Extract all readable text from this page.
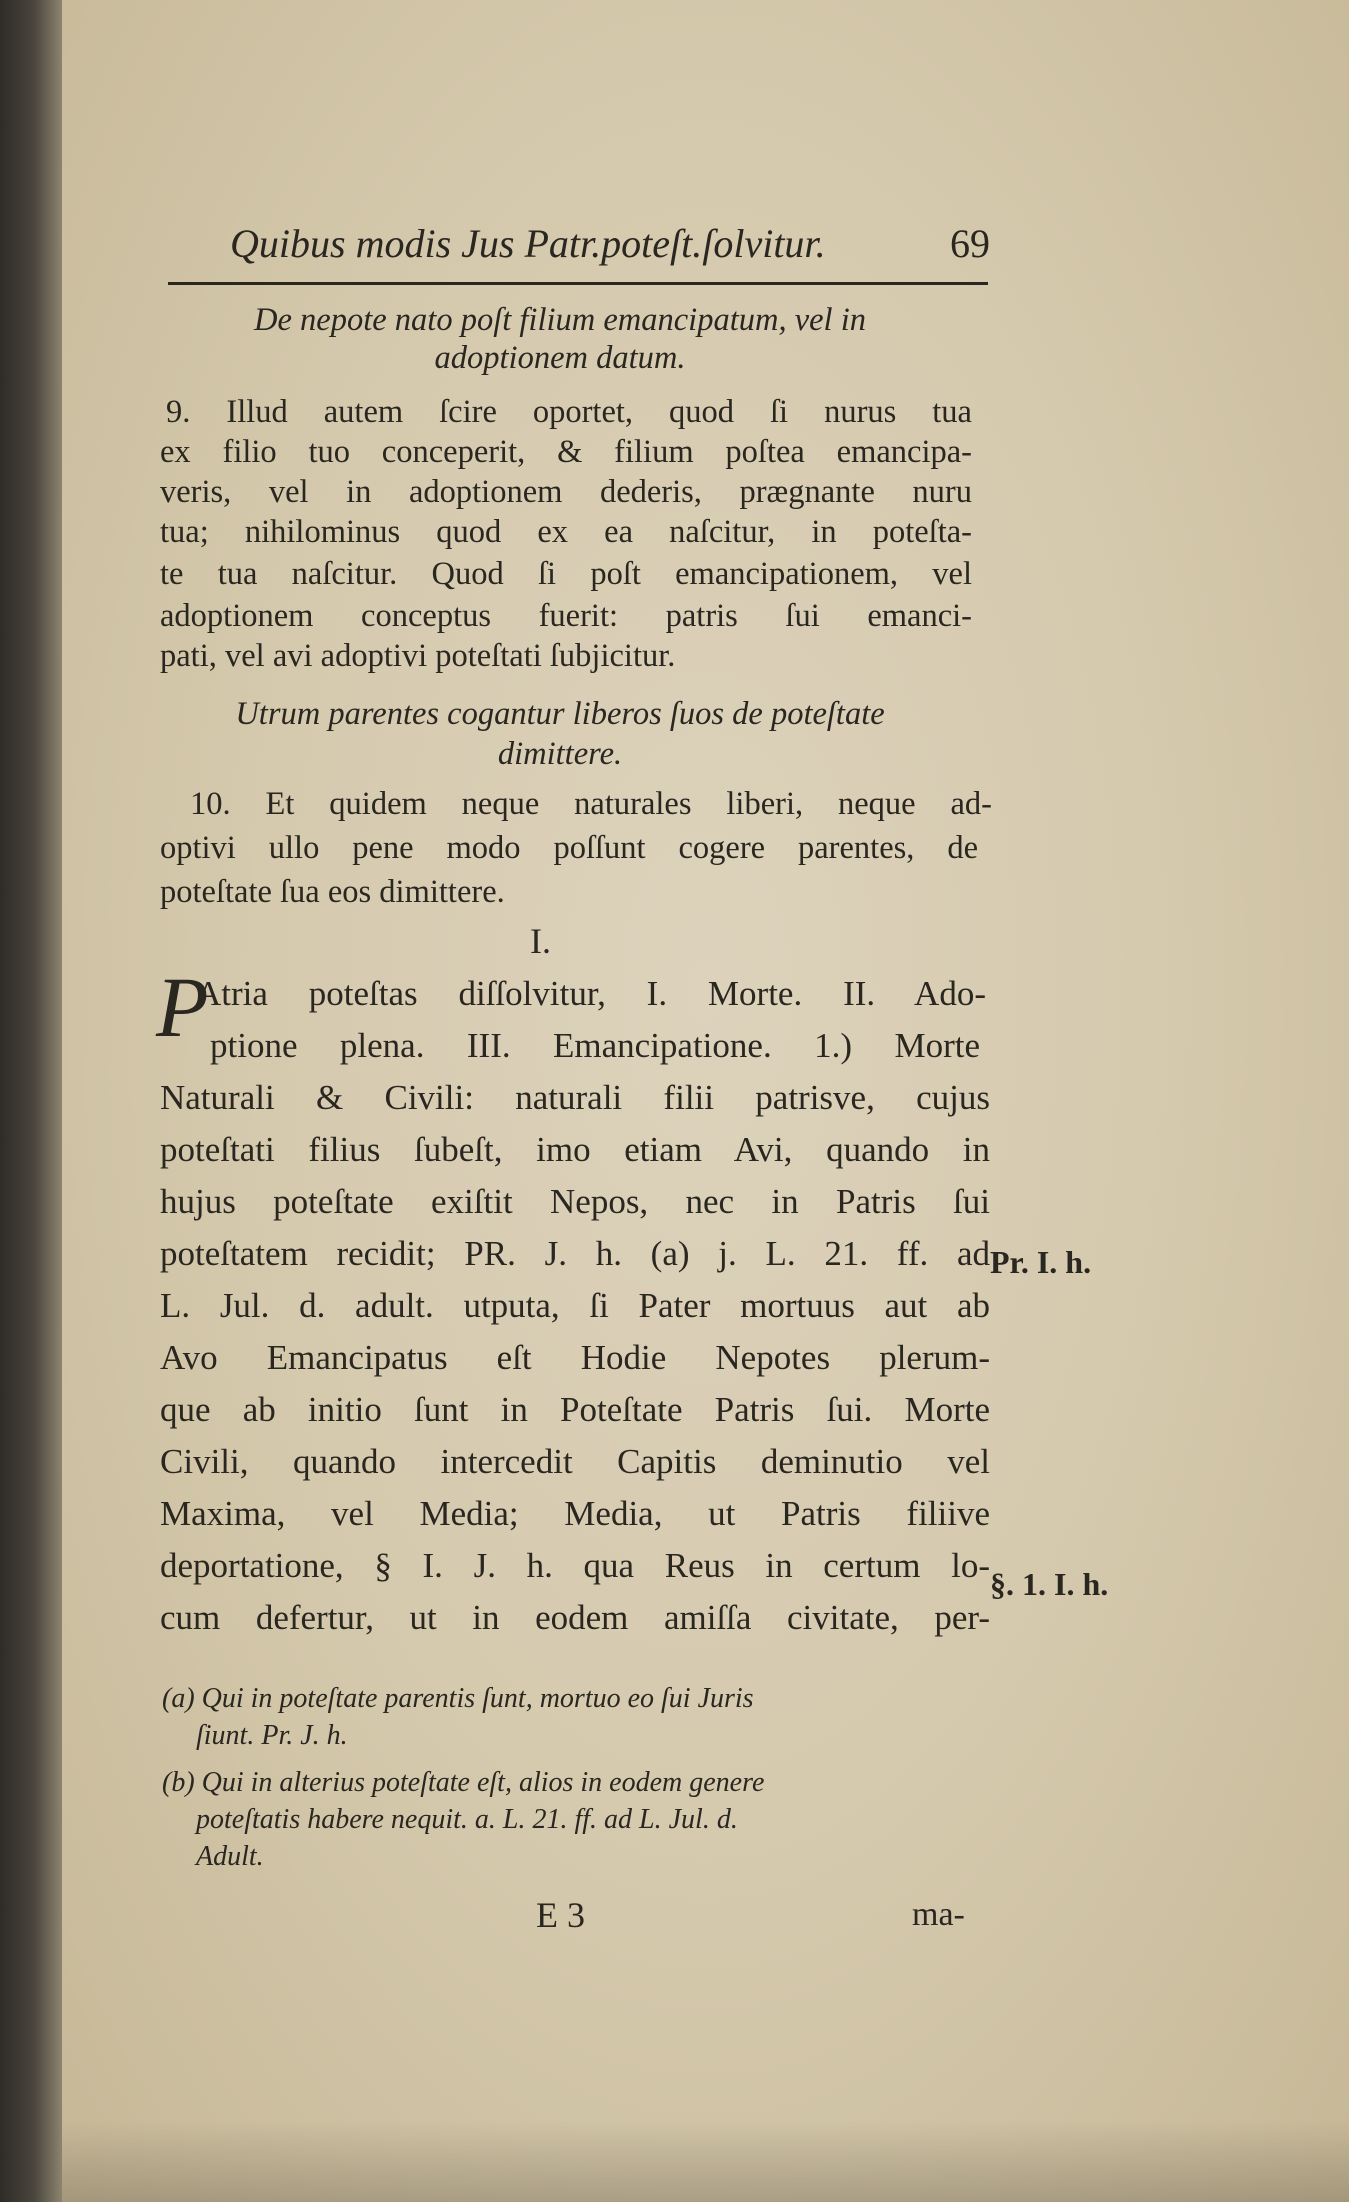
Quibus modis Jus Patr.poteſt.ſolvitur.	69
De nepote nato poſt filium emancipatum, vel in
adoptionem datum.
9. Illud autem ſcire oportet, quod ſi nurus tua
ex filio tuo conceperit, & filium poſtea emancipa-
veris, vel in adoptionem dederis, prægnante nuru
tua; nihilominus quod ex ea naſcitur, in poteſta-
te tua naſcitur. Quod ſi poſt emancipationem, vel
adoptionem conceptus fuerit: patris ſui emanci-
pati, vel avi adoptivi poteſtati ſubjicitur.
Utrum parentes cogantur liberos ſuos de poteſtate
dimittere.
10. Et quidem neque naturales liberi, neque ad-
optivi ullo pene modo poſſunt cogere parentes, de
poteſtate ſua eos dimittere.
I.
P
Atria poteſtas diſſolvitur, I. Morte. II. Ado-
ptione plena. III. Emancipatione. 1.) Morte
Naturali & Civili: naturali filii patrisve, cujus
poteſtati filius ſubeſt, imo etiam Avi, quando in
hujus poteſtate exiſtit Nepos, nec in Patris ſui
poteſtatem recidit; PR. J. h. (a) j. L. 21. ff. ad
L. Jul. d. adult. utputa, ſi Pater mortuus aut ab
Avo Emancipatus eſt Hodie Nepotes plerum-
que ab initio ſunt in Poteſtate Patris ſui. Morte
Civili, quando intercedit Capitis deminutio vel
Maxima, vel Media; Media, ut Patris filiive
deportatione, § I. J. h. qua Reus in certum lo-
cum defertur, ut in eodem amiſſa civitate, per-
Pr. I. h.
§. 1. I. h.
(a) Qui in poteſtate parentis ſunt, mortuo eo ſui Juris
ſiunt. Pr. J. h.
(b) Qui in alterius poteſtate eſt, alios in eodem genere
poteſtatis habere nequit. a. L. 21. ff. ad L. Jul. d.
Adult.
E 3	ma-
